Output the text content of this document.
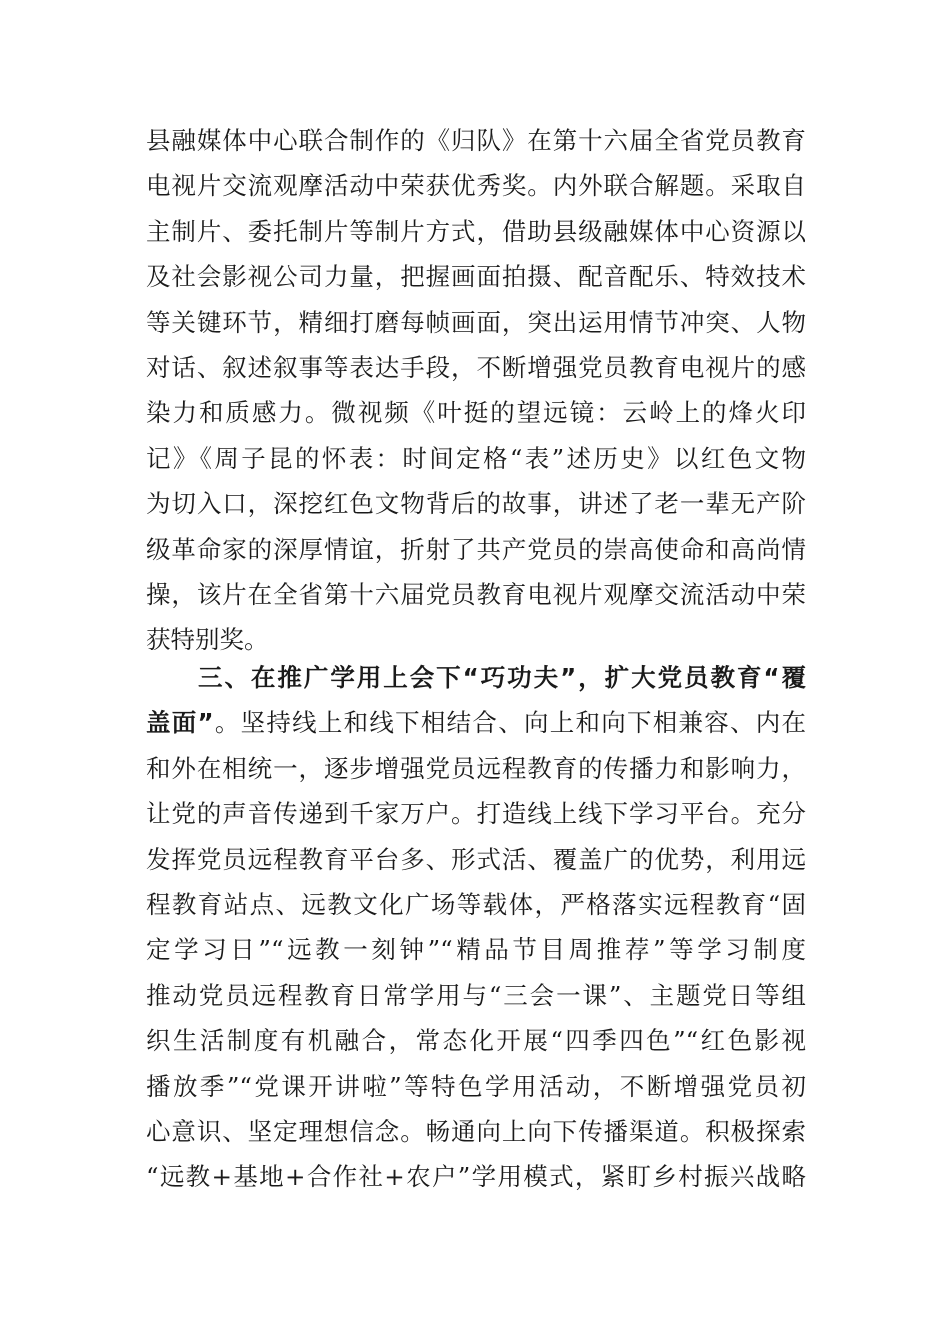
县融媒体中心联合制作的《归队》在第十六届全省党员教育
电视片交流观摩活动中荣获优秀奖。内外联合解题。采取自
主制片、委托制片等制片方式，借助县级融媒体中心资源以
及社会影视公司力量，把握画面拍摄、配音配乐、特效技术
等关键环节，精细打磨每帧画面，突出运用情节冲突、人物
对话、叙述叙事等表达手段，不断增强党员教育电视片的感
染力和质感力。微视频《叶挺的望远镜：云岭上的烽火印
记》《周子昆的怀表：时间定格“表”述历史》以红色文物
为切入口，深挖红色文物背后的故事，讲述了老一辈无产阶
级革命家的深厚情谊，折射了共产党员的崇高使命和高尚情
操，该片在全省第十六届党员教育电视片观摩交流活动中荣
获特别奖。
三、在推广学用上会下“巧功夫”，扩大党员教育“覆
盖面”。坚持线上和线下相结合、向上和向下相兼容、内在
和外在相统一，逐步增强党员远程教育的传播力和影响力，
让党的声音传递到千家万户。打造线上线下学习平台。充分
发挥党员远程教育平台多、形式活、覆盖广的优势，利用远
程教育站点、远教文化广场等载体，严格落实远程教育“固
定学习日”“远教一刻钟”“精品节目周推荐”等学习制度
推动党员远程教育日常学用与“三会一课”、主题党日等组
织生活制度有机融合，常态化开展“四季四色”“红色影视
播放季”“党课开讲啦”等特色学用活动，不断增强党员初
心意识、坚定理想信念。畅通向上向下传播渠道。积极探索
“远教+基地+合作社+农户”学用模式，紧盯乡村振兴战略
